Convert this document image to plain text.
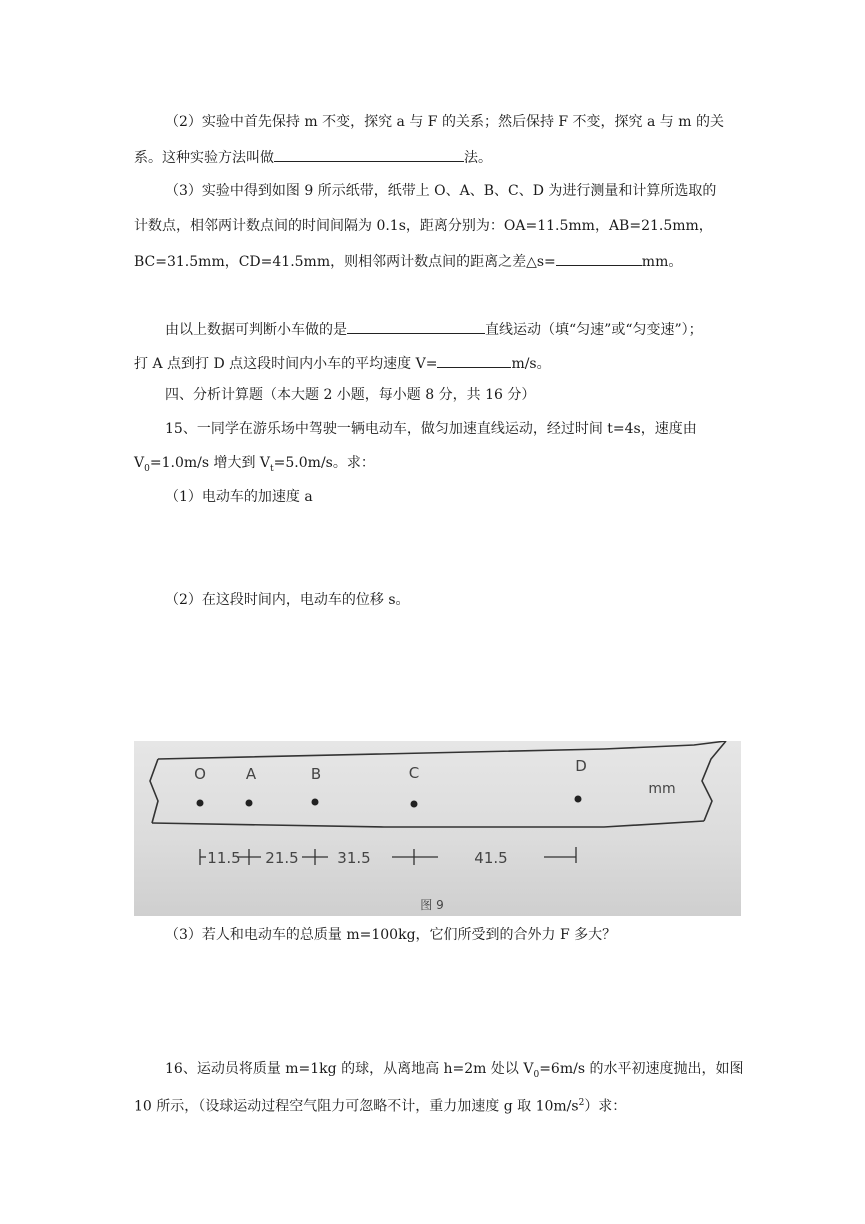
（2）实验中首先保持 m 不变，探究 a 与 F 的关系；然后保持 F 不变，探究 a 与 m 的关
系。这种实验方法叫做	法。
（3）实验中得到如图 9 所示纸带，纸带上 O、A、B、C、D 为进行测量和计算所选取的
计数点，相邻两计数点间的时间间隔为 0.1s，距离分别为：OA=11.5mm，AB=21.5mm，
BC=31.5mm，CD=41.5mm，则相邻两计数点间的距离之差△s=	mm。
由以上数据可判断小车做的是	直线运动（填“匀速”或“匀变速”）；
打 A 点到打 D 点这段时间内小车的平均速度 V=	m/s。
四、分析计算题（本大题 2 小题，每小题 8 分，共 16 分）
15、一同学在游乐场中驾驶一辆电动车，做匀加速直线运动，经过时间 t=4s，速度由
$V_0=1.0m/s$ 增大到 $V_t=5.0m/s$。求：
（1）电动车的加速度 a
（2）在这段时间内，电动车的位移 s。
O	A	B	C	D
mm
11.5 21.5	31.5	41.5
图 9
（3）若人和电动车的总质量 m=100kg，它们所受到的合外力 F 多大？
16、运动员将质量 m=1kg 的球，从离地高 h=2m 处以 $V_0=6m/s$ 的水平初速度抛出，如图
10 所示，（设球运动过程空气阻力可忽略不计，重力加速度 g 取 $10m/s^2$）求：
